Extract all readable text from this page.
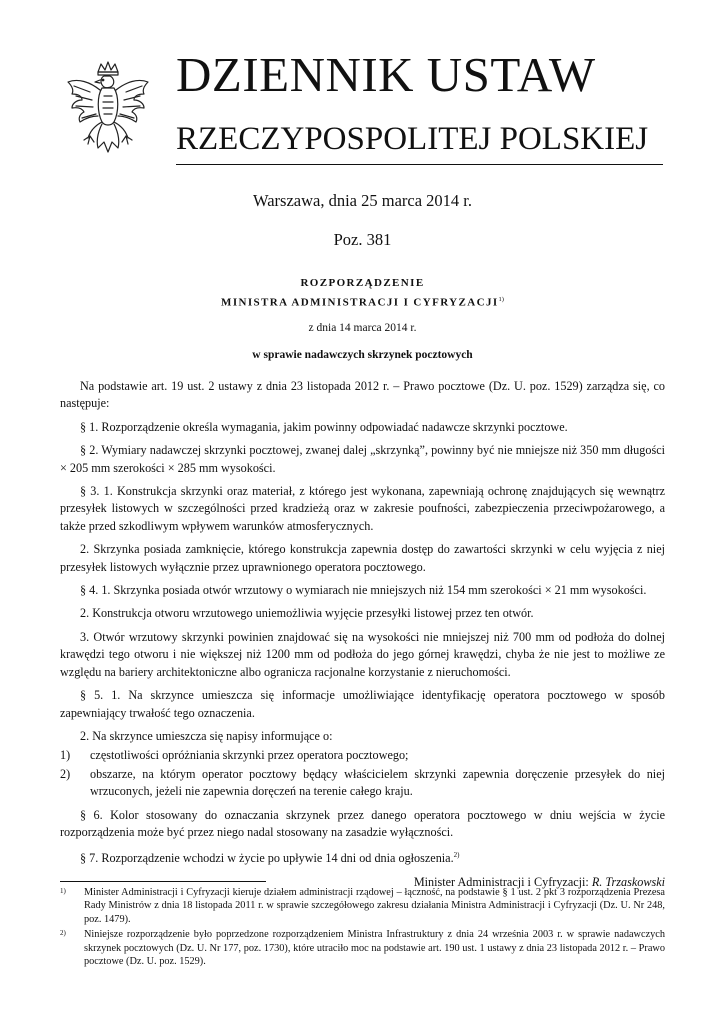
DZIENNIK USTAW
RZECZYPOSPOLITEJ POLSKIEJ
Warszawa, dnia 25 marca 2014 r.
Poz. 381
ROZPORZĄDZENIE
MINISTRA ADMINISTRACJI I CYFRYZACJI$^{1)}$
z dnia 14 marca 2014 r.
w sprawie nadawczych skrzynek pocztowych

Na podstawie art. 19 ust. 2 ustawy z dnia 23 listopada 2012 r. – Prawo pocztowe (Dz. U. poz. 1529) zarządza się, co następuje:

§ 1. Rozporządzenie określa wymagania, jakim powinny odpowiadać nadawcze skrzynki pocztowe.

§ 2. Wymiary nadawczej skrzynki pocztowej, zwanej dalej „skrzynką”, powinny być nie mniejsze niż 350 mm długości × 205 mm szerokości × 285 mm wysokości.

§ 3. 1. Konstrukcja skrzynki oraz materiał, z którego jest wykonana, zapewniają ochronę znajdujących się wewnątrz przesyłek listowych w szczególności przed kradzieżą oraz w zakresie poufności, zabezpieczenia przeciwpożarowego, a także przed szkodliwym wpływem warunków atmosferycznych.

2. Skrzynka posiada zamknięcie, którego konstrukcja zapewnia dostęp do zawartości skrzynki w celu wyjęcia z niej przesyłek listowych wyłącznie przez uprawnionego operatora pocztowego.

§ 4. 1. Skrzynka posiada otwór wrzutowy o wymiarach nie mniejszych niż 154 mm szerokości × 21 mm wysokości.

2. Konstrukcja otworu wrzutowego uniemożliwia wyjęcie przesyłki listowej przez ten otwór.

3. Otwór wrzutowy skrzynki powinien znajdować się na wysokości nie mniejszej niż 700 mm od podłoża do dolnej krawędzi tego otworu i nie większej niż 1200 mm od podłoża do jego górnej krawędzi, chyba że nie jest to możliwe ze względu na bariery architektoniczne albo ogranicza racjonalne korzystanie z nieruchomości.

§ 5. 1. Na skrzynce umieszcza się informacje umożliwiające identyfikację operatora pocztowego w sposób zapewniający trwałość tego oznaczenia.

2. Na skrzynce umieszcza się napisy informujące o:

1)	częstotliwości opróżniania skrzynki przez operatora pocztowego;
2)	obszarze, na którym operator pocztowy będący właścicielem skrzynki zapewnia doręczenie przesyłek do niej wrzuconych, jeżeli nie zapewnia doręczeń na terenie całego kraju.

§ 6. Kolor stosowany do oznaczania skrzynek przez danego operatora pocztowego w dniu wejścia w życie rozporządzenia może być przez niego nadal stosowany na zasadzie wyłączności.

§ 7. Rozporządzenie wchodzi w życie po upływie 14 dni od dnia ogłoszenia.$^{2)}$

Minister Administracji i Cyfryzacji: R. Trzaskowski

1)	Minister Administracji i Cyfryzacji kieruje działem administracji rządowej – łączność, na podstawie § 1 ust. 2 pkt 3 rozporządzenia Prezesa Rady Ministrów z dnia 18 listopada 2011 r. w sprawie szczegółowego zakresu działania Ministra Administracji i Cyfryzacji (Dz. U. Nr 248, poz. 1479).
2)	Niniejsze rozporządzenie było poprzedzone rozporządzeniem Ministra Infrastruktury z dnia 24 września 2003 r. w sprawie nadawczych skrzynek pocztowych (Dz. U. Nr 177, poz. 1730), które utraciło moc na podstawie art. 190 ust. 1 ustawy z dnia 23 listopada 2012 r. – Prawo pocztowe (Dz. U. poz. 1529).
